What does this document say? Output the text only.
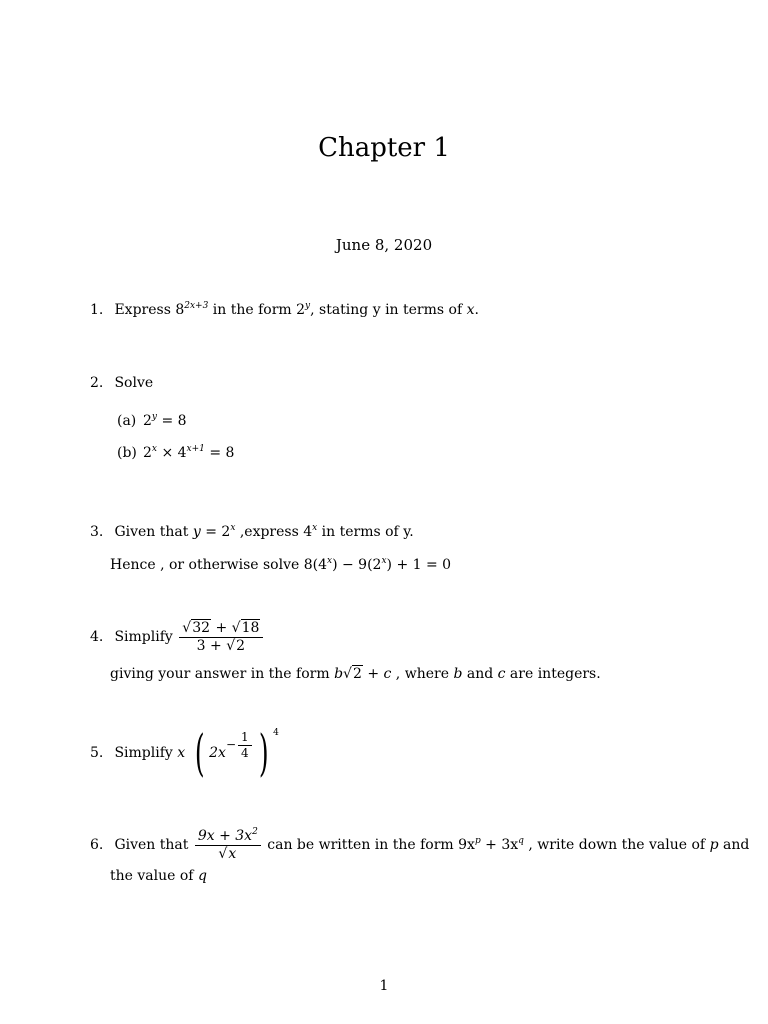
Chapter 1
June 8, 2020
1. Express $8^{2x+3}$ in the form 2$^y$, stating y in terms of x.
2. Solve
(a) $2^y = 8$
(b) $2^x \times 4^{x+1} = 8$
3. Given that $y = 2^x$ ,express 4$^x$ in terms of y.
Hence , or otherwise solve $8(4^x) - 9(2^x) + 1 = 0$
4. Simplify $\frac{√32 + √18}{3 + √2}$
giving your answer in the form b√2 + c , where b and c are integers.
5. Simplify x ( $2x- \frac{1}{4}$ ) $^4$
6. Given that $\frac{9x + 3x^2}{√x}$ can be written in the form $9x^p + 3x^q$ , write down the value of p and
the value of q
1
